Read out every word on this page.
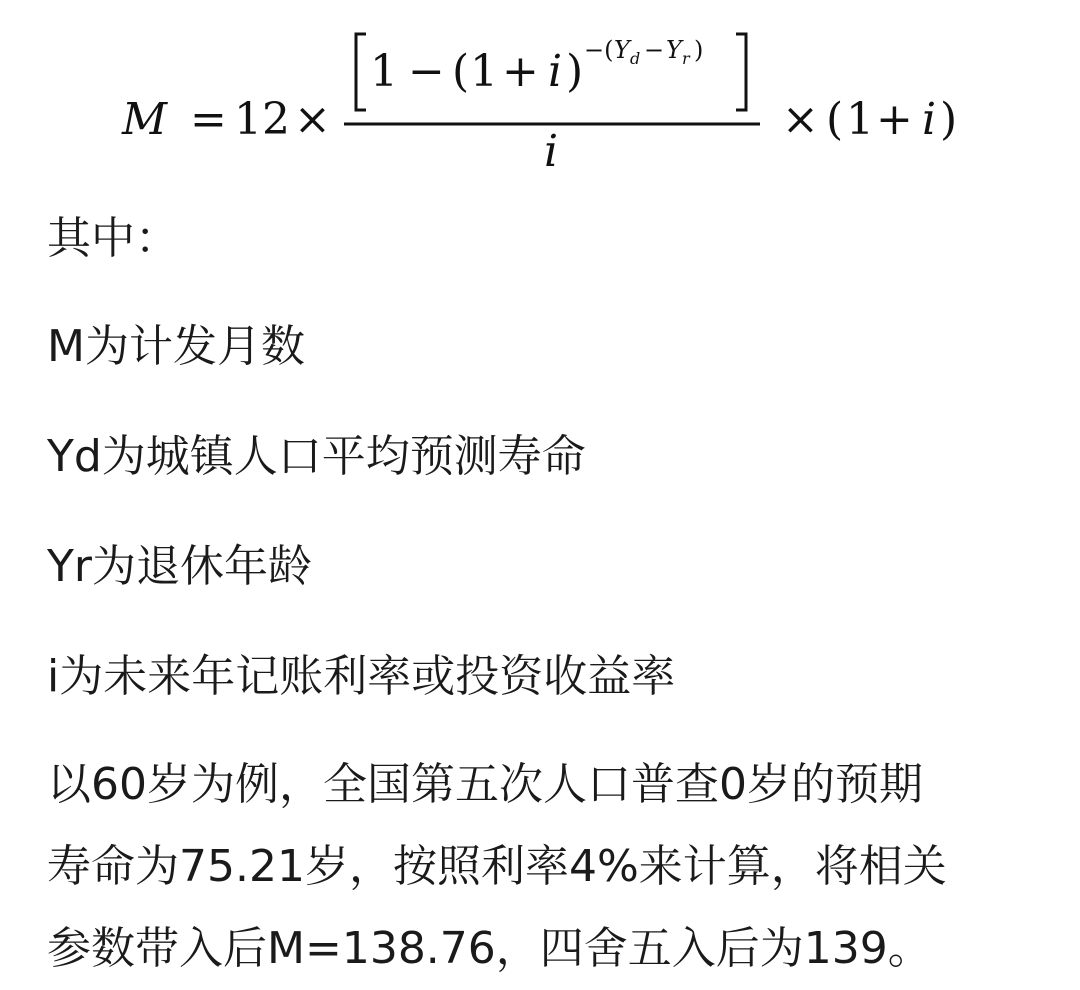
M = 12 ×
1 − ( 1 + i ) −( Y d − Y r )
i
× ( 1 + i )

其中：

M为计发月数

Yd为城镇人口平均预测寿命

Yr为退休年龄

i为未来年记账利率或投资收益率

以60岁为例，全国第五次人口普查0岁的预期
寿命为75.21岁，按照利率4%来计算，将相关
参数带入后M=138.76，四舍五入后为139。
